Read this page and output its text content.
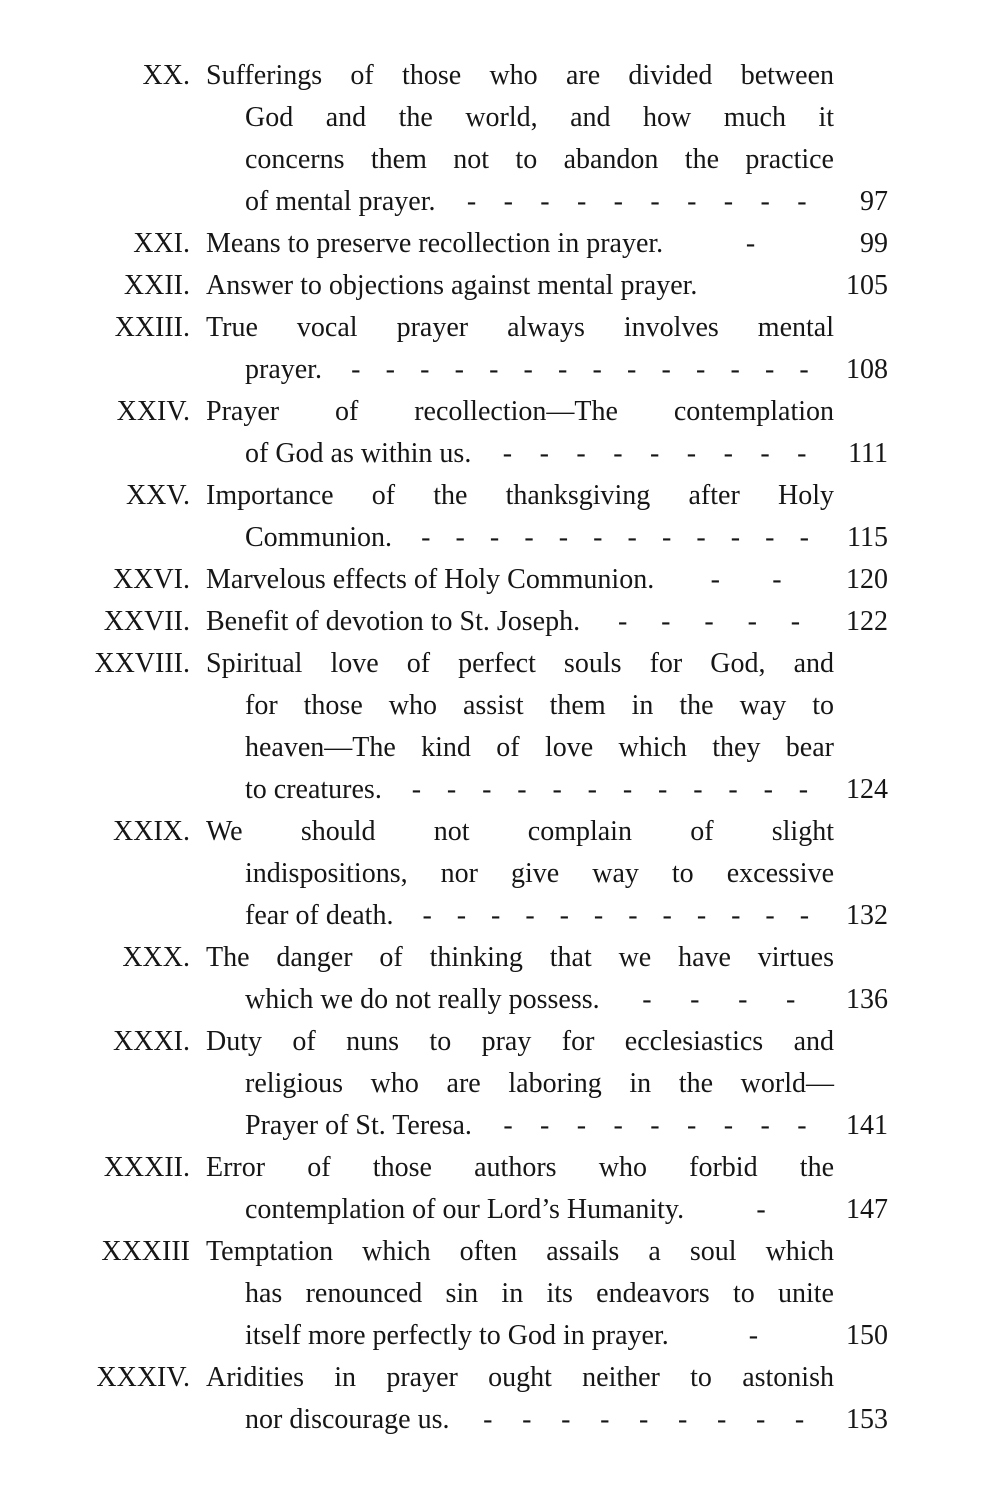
XX. Sufferings of those who are divided between
God and the world, and how much it
concerns them not to abandon the practice
of mental prayer. - - - - - - - - - -	97
XXI. Means to preserve recollection in prayer.	-	99
XXII. Answer to objections against mental prayer.	105
XXIII. True vocal prayer always involves mental
prayer. - - - - - - - - - - - - - - 108
XXIV. Prayer of recollection—The contemplation
of God as within us. - - - - - - - - -	111
XXV. Importance of the thanksgiving after Holy
Communion. - - - - - - - - - - - -	115
XXVI. Marvelous effects of Holy Communion. - - 120
XXVII. Benefit of devotion to St. Joseph. - - - - - 122
XXVIII. Spiritual love of perfect souls for God, and
for those who assist them in the way to
heaven—The kind of love which they bear
to creatures. - - - - - - - - - - - - 124
XXIX. We should not complain of slight
indispositions, nor give way to excessive
fear of death. - - - - - - - - - - - - 132
XXX. The danger of thinking that we have virtues
which we do not really possess. - - - - 136
XXXI. Duty of nuns to pray for ecclesiastics and
religious who are laboring in the world—
Prayer of St. Teresa. - - - - - - - - - 141
XXXII. Error of those authors who forbid the
contemplation of our Lord’s Humanity.	-	147
XXXIII Temptation which often assails a soul which
has renounced sin in its endeavors to unite
itself more perfectly to God in prayer.	-	150
XXXIV. Aridities in prayer ought neither to astonish
nor discourage us. - - - - - - - - - 153
